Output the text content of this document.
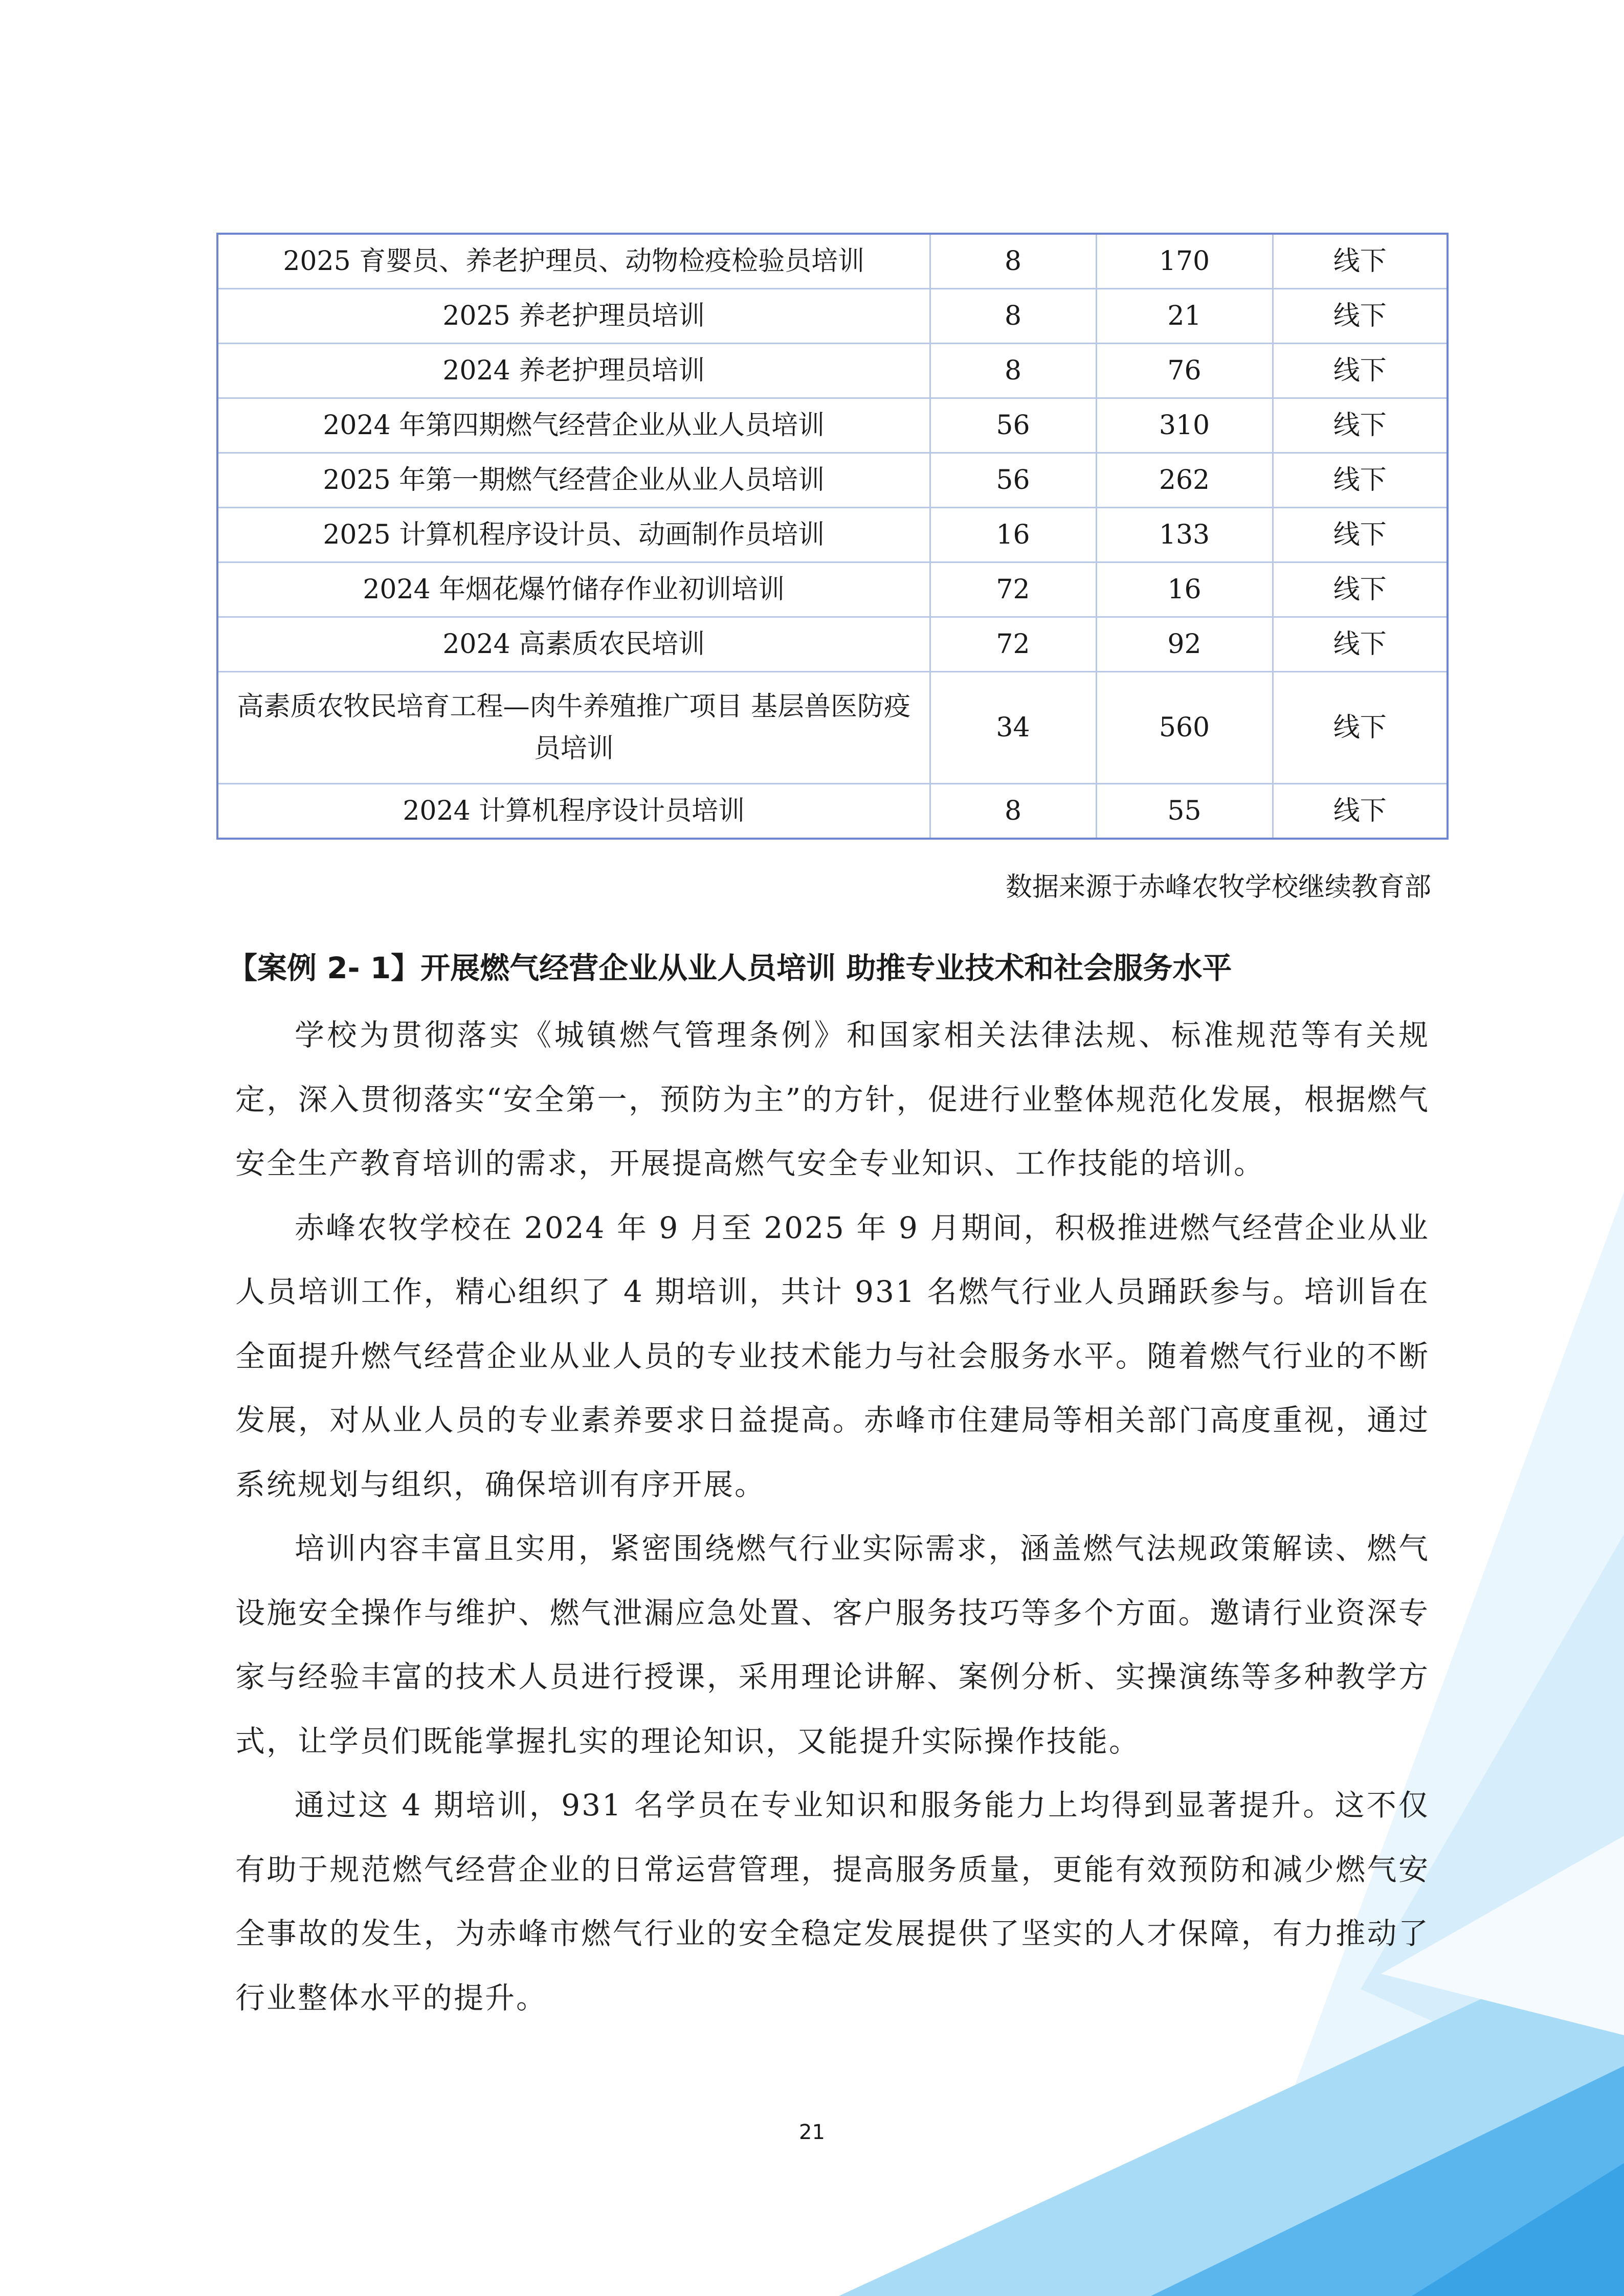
2025 育婴员、养老护理员、动物检疫检验员培训	8	170	线下
2025 养老护理员培训	8	21	线下
2024 养老护理员培训	8	76	线下
2024 年第四期燃气经营企业从业人员培训	56	310	线下
2025 年第一期燃气经营企业从业人员培训	56	262	线下
2025 计算机程序设计员、动画制作员培训	16	133	线下
2024 年烟花爆竹储存作业初训培训	72	16	线下
2024 高素质农民培训	72	92	线下
高素质农牧民培育工程—肉牛养殖推广项目 基层兽医防疫员培训	34	560	线下
2024 计算机程序设计员培训	8	55	线下
数据来源于赤峰农牧学校继续教育部
【案例 2- 1】开展燃气经营企业从业人员培训 助推专业技术和社会服务水平

学校为贯彻落实《城镇燃气管理条例》和国家相关法律法规、标准规范等有关规定，深入贯彻落实“安全第一，预防为主”的方针，促进行业整体规范化发展，根据燃气安全生产教育培训的需求，开展提高燃气安全专业知识、工作技能的培训。

赤峰农牧学校在 2024 年 9 月至 2025 年 9 月期间，积极推进燃气经营企业从业人员培训工作，精心组织了 4 期培训，共计 931 名燃气行业人员踊跃参与。培训旨在全面提升燃气经营企业从业人员的专业技术能力与社会服务水平。随着燃气行业的不断发展，对从业人员的专业素养要求日益提高。赤峰市住建局等相关部门高度重视，通过系统规划与组织，确保培训有序开展。

培训内容丰富且实用，紧密围绕燃气行业实际需求，涵盖燃气法规政策解读、燃气设施安全操作与维护、燃气泄漏应急处置、客户服务技巧等多个方面。邀请行业资深专家与经验丰富的技术人员进行授课，采用理论讲解、案例分析、实操演练等多种教学方式，让学员们既能掌握扎实的理论知识，又能提升实际操作技能。

通过这 4 期培训，931 名学员在专业知识和服务能力上均得到显著提升。这不仅有助于规范燃气经营企业的日常运营管理，提高服务质量，更能有效预防和减少燃气安全事故的发生，为赤峰市燃气行业的安全稳定发展提供了坚实的人才保障，有力推动了行业整体水平的提升。

21
